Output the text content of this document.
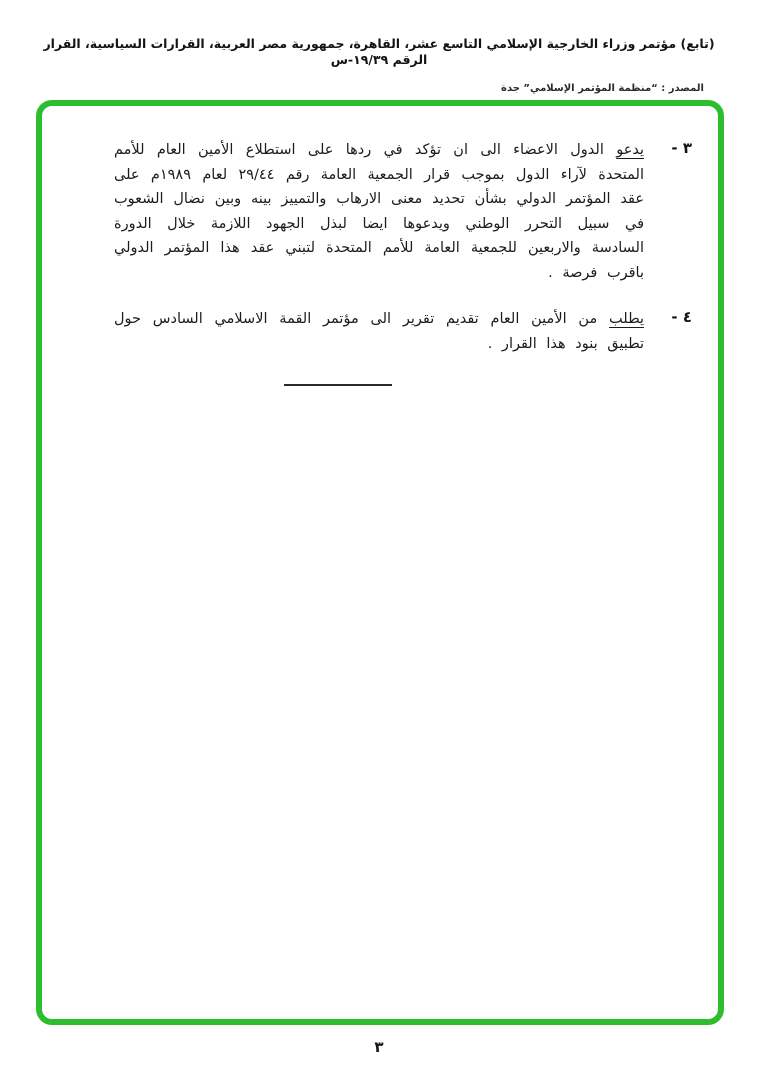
(تابع) مؤتمر وزراء الخارجية الإسلامي التاسع عشر، القاهرة، جمهورية مصر العربية، القرارات السياسية، القرار الرقم ١٩/٣٩-س
المصدر : “منظمة المؤتمر الإسلامي” جدة
٣ -

يدعو الدول الاعضاء الى ان تؤكد في ردها على استطلاع الأمين العام للأمم المتحدة لآراء الدول بموجب قرار الجمعية العامة رقم ٢٩/٤٤ لعام ١٩٨٩م على عقد المؤتمر الدولي بشأن تحديد معنى الارهاب والتمييز بينه وبين نضال الشعوب في سبيل التحرر الوطني ويدعوها ايضا لبذل الجهود اللازمة خلال الدورة السادسة والاربعين للجمعية العامة للأمم المتحدة لتبني عقد هذا المؤتمر الدولي باقرب فرصة .

٤ -

يطلب من الأمين العام تقديم تقرير الى مؤتمر القمة الاسلامي السادس حول تطبيق بنود هذا القرار .

٣
